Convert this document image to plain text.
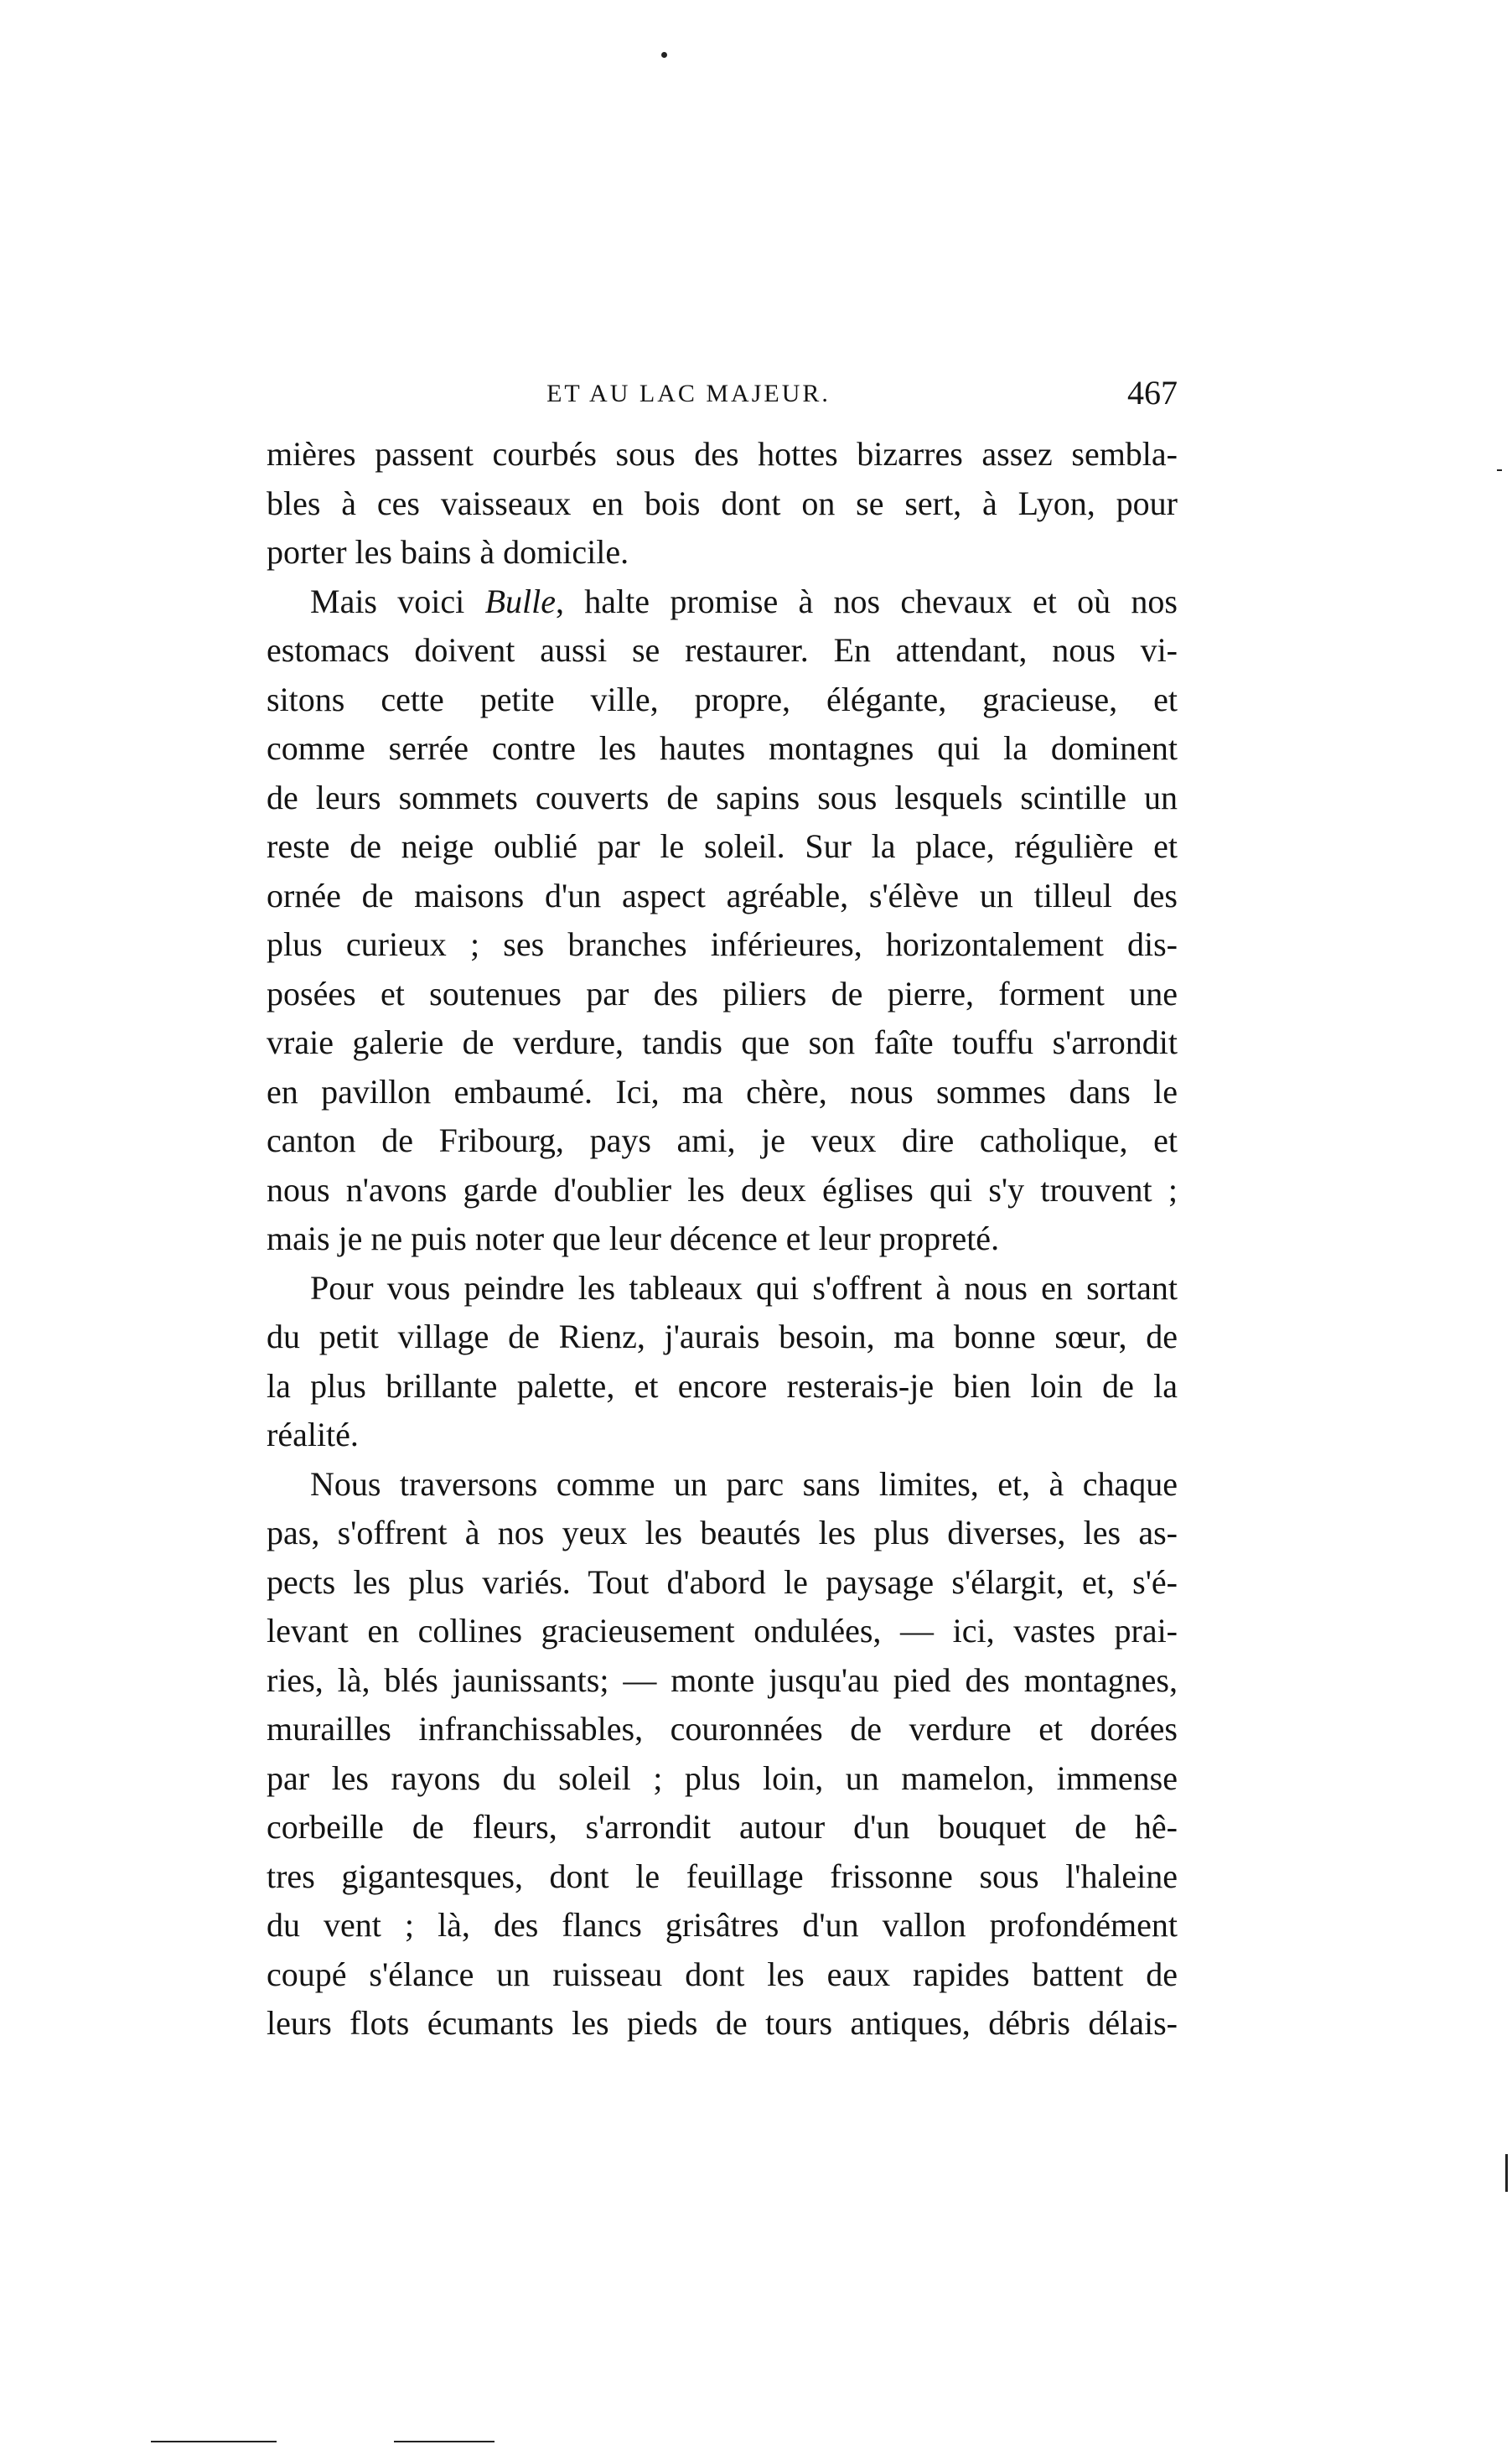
ET AU LAC MAJEUR.	467
mières passent courbés sous des hottes bizarres assez sembla-
bles à ces vaisseaux en bois dont on se sert, à Lyon, pour
porter les bains à domicile.
Mais voici Bulle, halte promise à nos chevaux et où nos
estomacs doivent aussi se restaurer. En attendant, nous vi-
sitons cette petite ville, propre, élégante, gracieuse, et
comme serrée contre les hautes montagnes qui la dominent
de leurs sommets couverts de sapins sous lesquels scintille un
reste de neige oublié par le soleil. Sur la place, régulière et
ornée de maisons d'un aspect agréable, s'élève un tilleul des
plus curieux ; ses branches inférieures, horizontalement dis-
posées et soutenues par des piliers de pierre, forment une
vraie galerie de verdure, tandis que son faîte touffu s'arrondit
en pavillon embaumé. Ici, ma chère, nous sommes dans le
canton de Fribourg, pays ami, je veux dire catholique, et
nous n'avons garde d'oublier les deux églises qui s'y trouvent ;
mais je ne puis noter que leur décence et leur propreté.
Pour vous peindre les tableaux qui s'offrent à nous en sortant
du petit village de Rienz, j'aurais besoin, ma bonne sœur, de
la plus brillante palette, et encore resterais-je bien loin de la
réalité.
Nous traversons comme un parc sans limites, et, à chaque
pas, s'offrent à nos yeux les beautés les plus diverses, les as-
pects les plus variés. Tout d'abord le paysage s'élargit, et, s'é-
levant en collines gracieusement ondulées, — ici, vastes prai-
ries, là, blés jaunissants; — monte jusqu'au pied des montagnes,
murailles infranchissables, couronnées de verdure et dorées
par les rayons du soleil ; plus loin, un mamelon, immense
corbeille de fleurs, s'arrondit autour d'un bouquet de hê-
tres gigantesques, dont le feuillage frissonne sous l'haleine
du vent ; là, des flancs grisâtres d'un vallon profondément
coupé s'élance un ruisseau dont les eaux rapides battent de
leurs flots écumants les pieds de tours antiques, débris délais-
